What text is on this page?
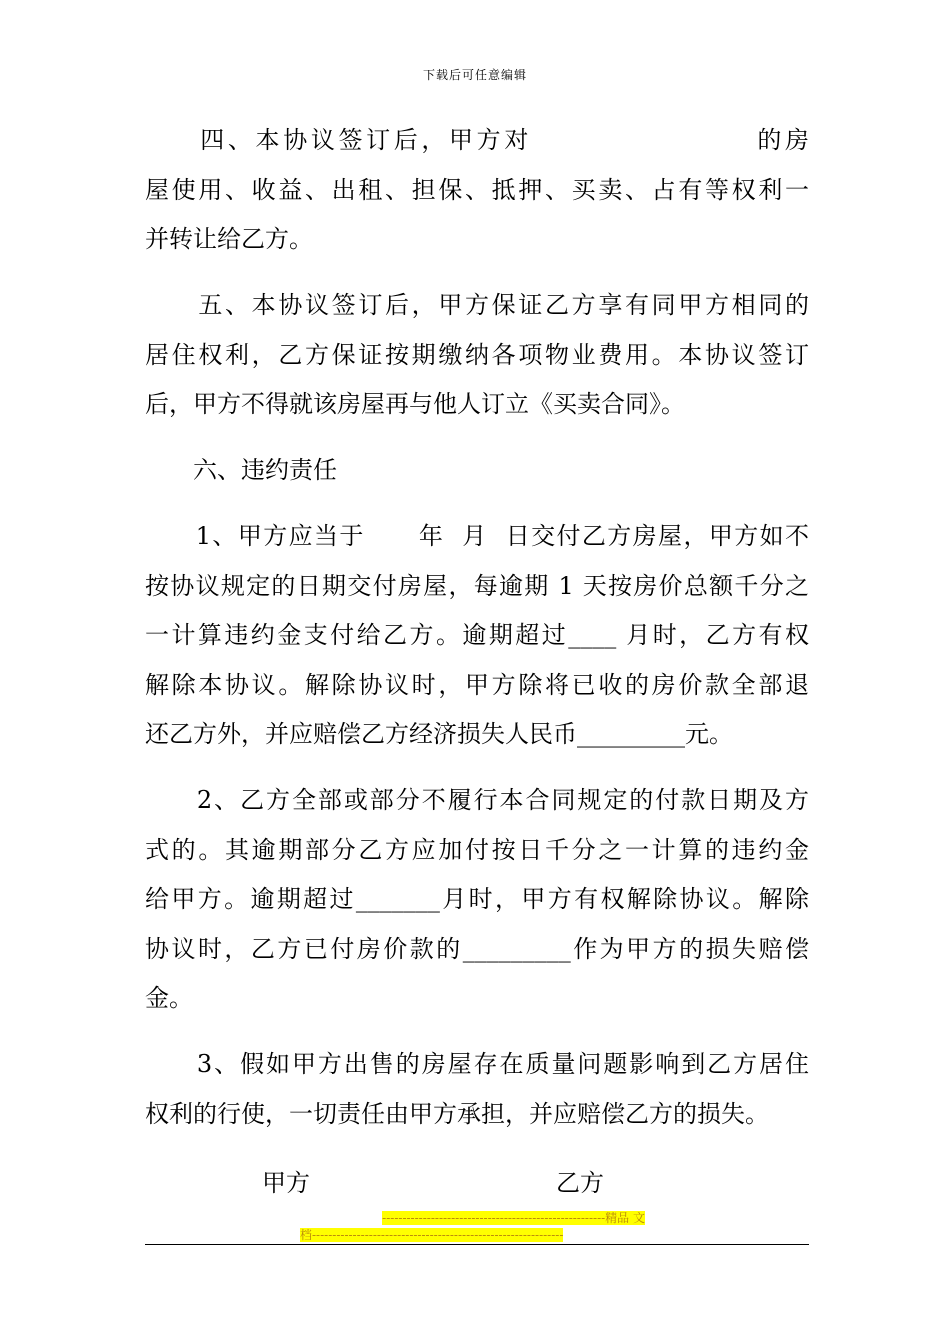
下载后可任意编辑

　　四、本协议签订后，甲方对                    的房
屋使用、收益、出租、担保、抵押、买卖、占有等权利一
并转让给乙方。

　　五、本协议签订后，甲方保证乙方享有同甲方相同的
居住权利，乙方保证按期缴纳各项物业费用。本协议签订
后，甲方不得就该房屋再与他人订立《买卖合同》。

　　六、违约责任

　　1、甲方应当于      年  月  日交付乙方房屋，甲方如不
按协议规定的日期交付房屋，每逾期 1 天按房价总额千分之
一计算违约金支付给乙方。逾期超过____ 月时，乙方有权
解除本协议。解除协议时，甲方除将已收的房价款全部退
还乙方外，并应赔偿乙方经济损失人民币_________元。

　　2、乙方全部或部分不履行本合同规定的付款日期及方
式的。其逾期部分乙方应加付按日千分之一计算的违约金
给甲方。逾期超过_______月时，甲方有权解除协议。解除
协议时，乙方已付房价款的_________作为甲方的损失赔偿
金。

　　3、假如甲方出售的房屋存在质量问题影响到乙方居住
权利的行使，一切责任由甲方承担，并应赔偿乙方的损失。

甲方	乙方
-------------------------------------------------------精品 文
档--------------------------------------------------------------
